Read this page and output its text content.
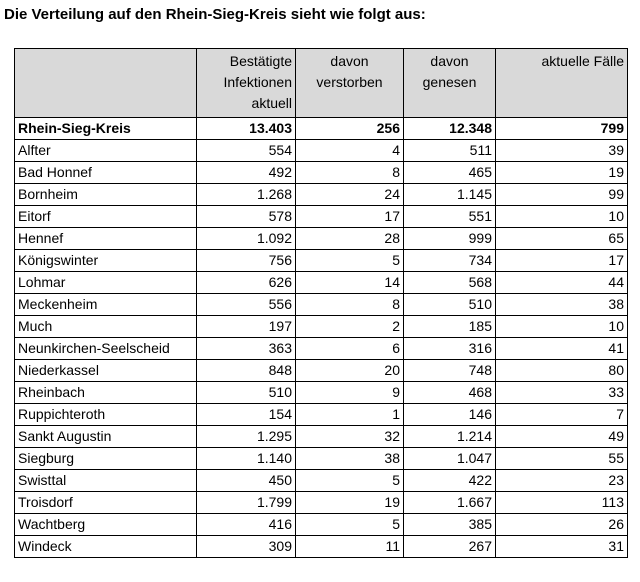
Die Verteilung auf den Rhein-Sieg-Kreis sieht wie folgt aus:
	Bestätigte Infektionen aktuell	davon verstorben	davon genesen	aktuelle Fälle
Rhein-Sieg-Kreis	13.403	256	12.348	799
Alfter	554	4	511	39
Bad Honnef	492	8	465	19
Bornheim	1.268	24	1.145	99
Eitorf	578	17	551	10
Hennef	1.092	28	999	65
Königswinter	756	5	734	17
Lohmar	626	14	568	44
Meckenheim	556	8	510	38
Much	197	2	185	10
Neunkirchen-Seelscheid	363	6	316	41
Niederkassel	848	20	748	80
Rheinbach	510	9	468	33
Ruppichteroth	154	1	146	7
Sankt Augustin	1.295	32	1.214	49
Siegburg	1.140	38	1.047	55
Swisttal	450	5	422	23
Troisdorf	1.799	19	1.667	113
Wachtberg	416	5	385	26
Windeck	309	11	267	31
